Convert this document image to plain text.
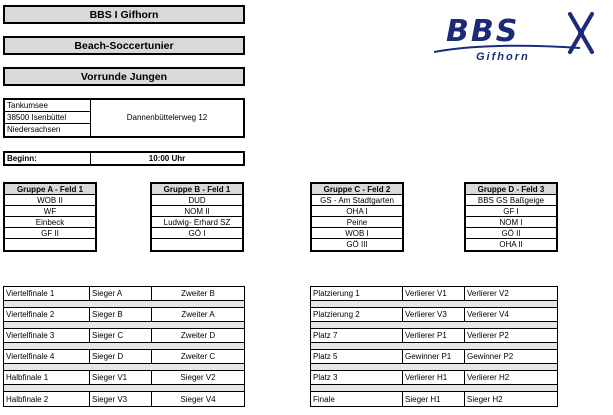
BBS I Gifhorn
Beach-Soccertunier
Vorrunde Jungen
BBS
Gifhorn
Tankumsee
38500 Isenbüttel
Niedersachsen
Dannenbüttelerweg 12
Beginn:	10:00 Uhr
Gruppe A - Feld 1
WOB II
WF
Einbeck
GF II
Gruppe B - Feld 1
DUD
NOM II
Ludwig- Erhard SZ
GÖ I
Gruppe C - Feld 2
GS - Am Stadtgarten
OHA I
Peine
WOB I
GÖ III
Gruppe D - Feld 3
BBS GS Baßgeige
GF I
NOM I
GÖ II
OHA II
Viertelfinale 1	Sieger A	Zweiter B
Viertelfinale 2	Sieger B	Zweiter A
Viertelfinale 3	Sieger C	Zweiter D
Viertelfinale 4	Sieger D	Zweiter C
Halbfinale 1	Sieger V1	Sieger V2
Halbfinale 2	Sieger V3	Sieger V4
Platzierung 1	Verlierer V1	Verlierer V2
Platzierung 2	Verlierer V3	Verlierer V4
Platz 7	Verlierer P1	Verlierer P2
Platz 5	Gewinner P1	Gewinner P2
Platz 3	Verlierer H1	Verlierer H2
Finale	Sieger H1	Sieger H2
